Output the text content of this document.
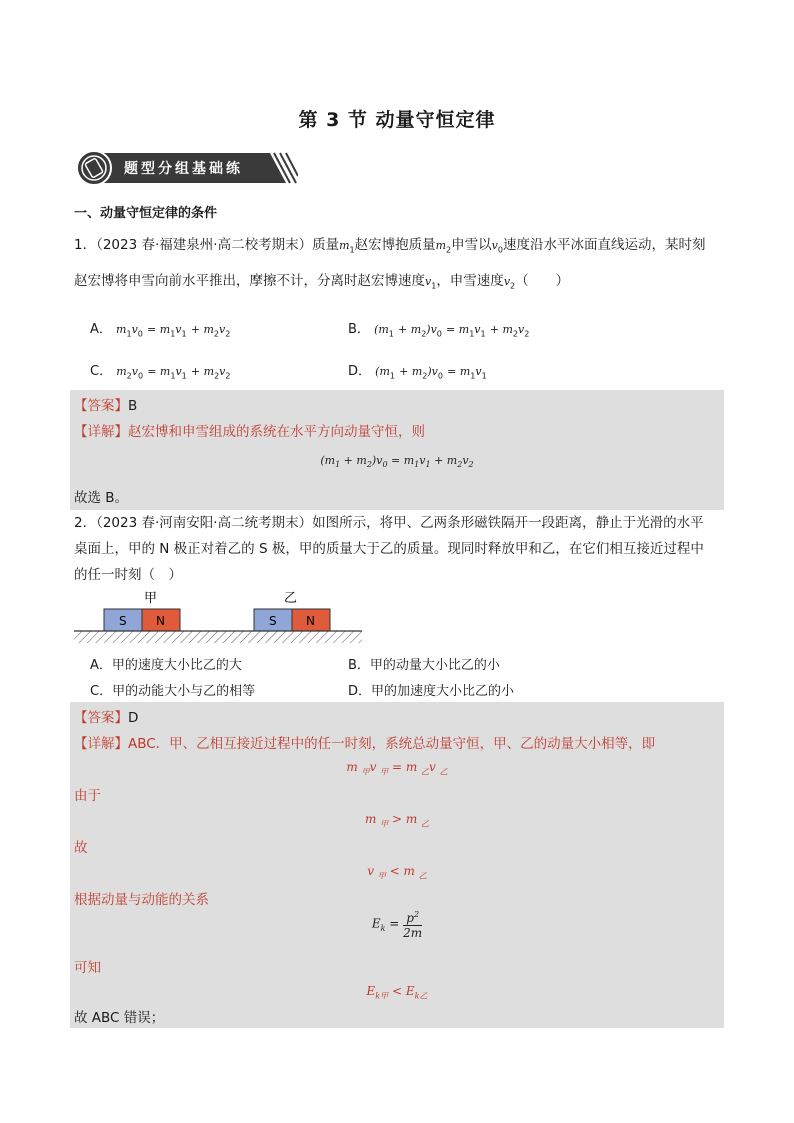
第 3 节 动量守恒定律
题型分组基础练
一、动量守恒定律的条件
1．（2023 春·福建泉州·高二校考期末）质量$m_1$赵宏博抱质量$m_2$申雪以$v_0$速度沿水平冰面直线运动，某时刻
赵宏博将申雪向前水平推出，摩擦不计，分离时赵宏博速度$v_1$，申雪速度$v_2$（　　）
A． $m_1v_0 = m_1v_1 + m_2v_2$	B． $(m_1 + m_2)v_0 = m_1v_1 + m_2v_2$
C． $m_2v_0 = m_1v_1 + m_2v_2$	D． $(m_1 + m_2)v_0 = m_1v_1$
【答案】B
【详解】赵宏博和申雪组成的系统在水平方向动量守恒，则
$(m_1 + m_2)v_0 = m_1v_1 + m_2v_2$
故选 B。
2．（2023 春·河南安阳·高二统考期末）如图所示，将甲、乙两条形磁铁隔开一段距离，静止于光滑的水平
桌面上，甲的 N 极正对着乙的 S 极，甲的质量大于乙的质量。现同时释放甲和乙，在它们相互接近过程中
的任一时刻（　）
甲
S N
乙
S N
A．甲的速度大小比乙的大	B．甲的动量大小比乙的小
C．甲的动能大小与乙的相等	D．甲的加速度大小比乙的小
【答案】D
【详解】ABC．甲、乙相互接近过程中的任一时刻，系统总动量守恒，甲、乙的动量大小相等，即
m $_甲$v $_甲$ = m $_乙$v $_乙$
由于
m $_甲$ > m $_乙$
故
v $_甲$ < m $_乙$
根据动量与动能的关系
$E_k = \frac{p^2}{2m}$
可知
$E_{k甲} < E_{k乙}$
故 ABC 错误；
